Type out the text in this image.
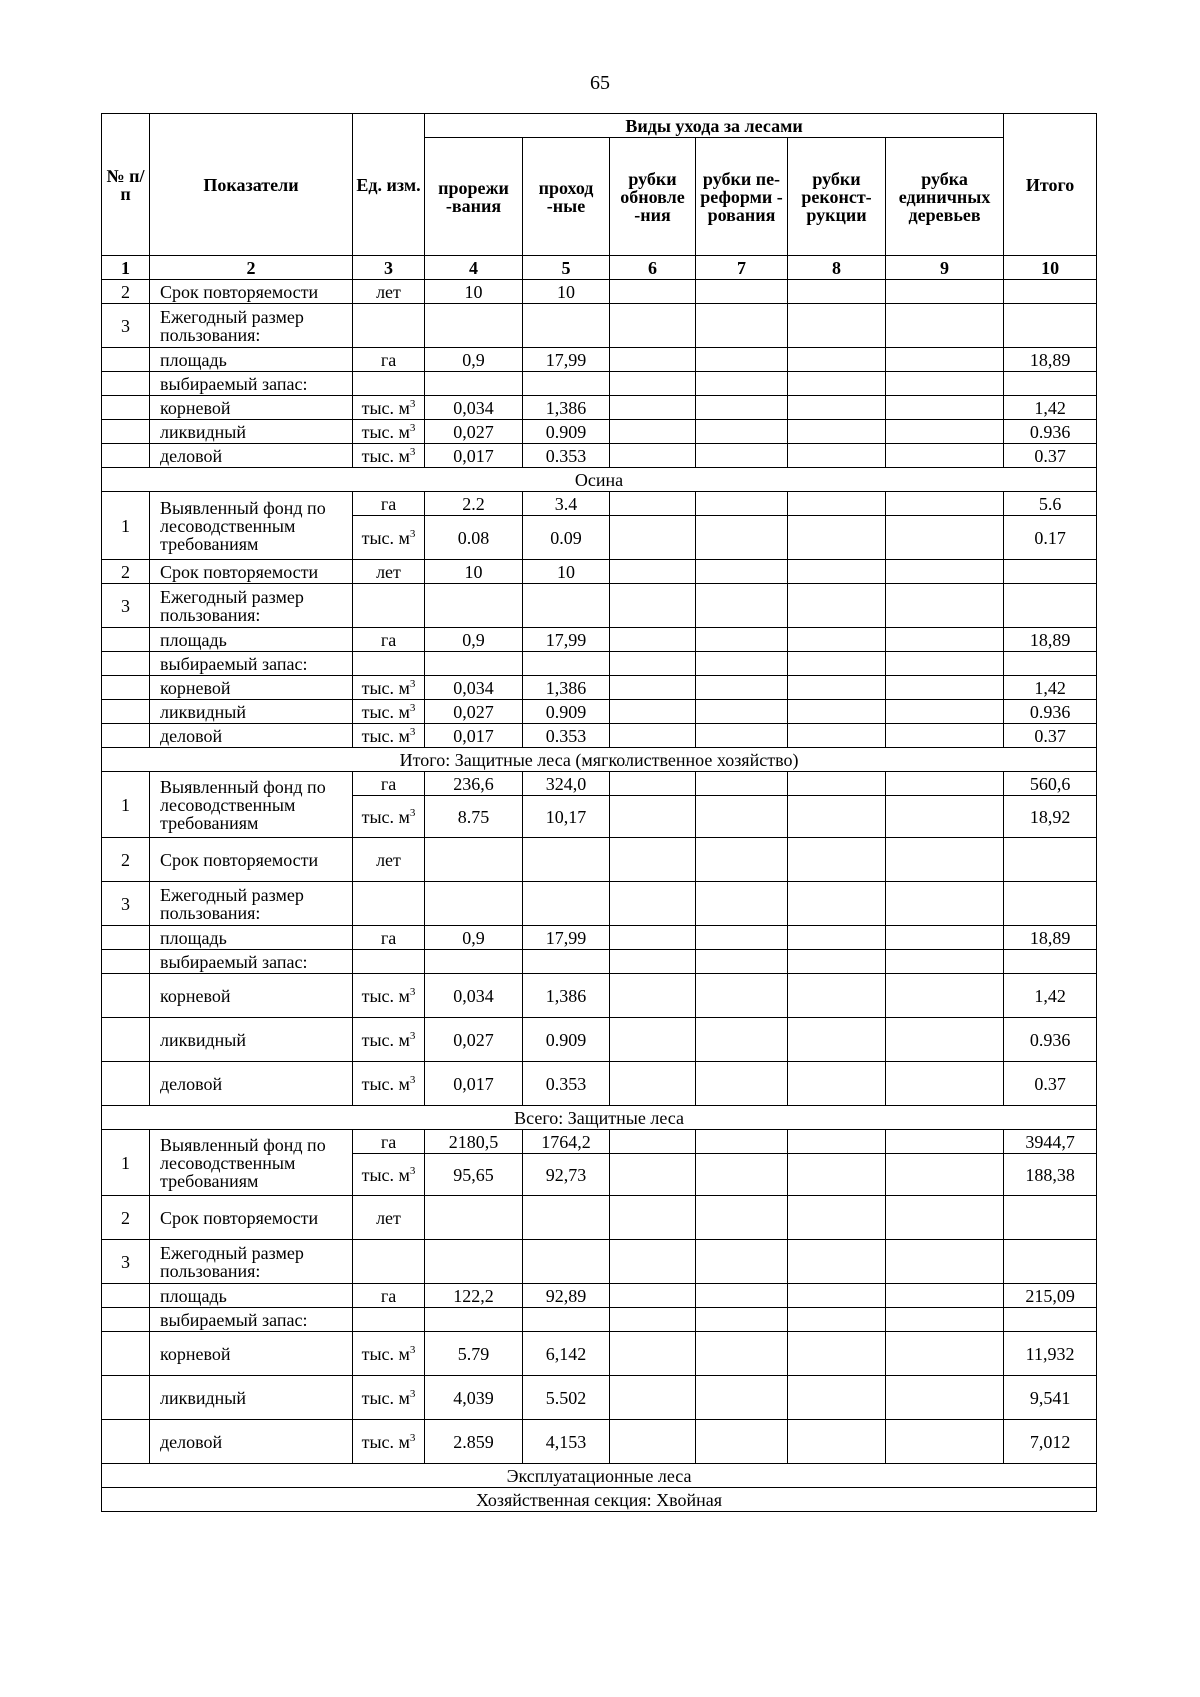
65
№ п/п	Показатели	Ед. изм.	Виды ухода за лесами						Итого
			прорежи -вания	проход -ные	рубки обновле -ния	рубки пе- реформи - рования	рубки реконст- рукции	рубка единичных деревьев	
1	2	3	4	5	6	7	8	9	10
2	Срок повторяемости	лет	10	10					
3	Ежегодный размер пользования:								
	площадь	га	0,9	17,99					18,89
	выбираемый запас:								
	корневой	тыс. $м^3$	0,034	1,386					1,42
	ликвидный	тыс. $м^3$	0,027	0.909					0.936
	деловой	тыс. $м^3$	0,017	0.353					0.37
Осина									
1	Выявленный фонд по лесоводственным требованиям	га	2.2	3.4					5.6
		тыс. $м^3$	0.08	0.09					0.17
2	Срок повторяемости	лет	10	10					
3	Ежегодный размер пользования:								
	площадь	га	0,9	17,99					18,89
	выбираемый запас:								
	корневой	тыс. $м^3$	0,034	1,386					1,42
	ликвидный	тыс. $м^3$	0,027	0.909					0.936
	деловой	тыс. $м^3$	0,017	0.353					0.37
Итого: Защитные леса (мягколиственное хозяйство)									
1	Выявленный фонд по лесоводственным требованиям	га	236,6	324,0					560,6
		тыс. $м^3$	8.75	10,17					18,92
2	Срок повторяемости	лет							
3	Ежегодный размер пользования:								
	площадь	га	0,9	17,99					18,89
	выбираемый запас:								
	корневой	тыс. $м^3$	0,034	1,386					1,42
	ликвидный	тыс. $м^3$	0,027	0.909					0.936
	деловой	тыс. $м^3$	0,017	0.353					0.37
Всего: Защитные леса									
1	Выявленный фонд по лесоводственным требованиям	га	2180,5	1764,2					3944,7
		тыс. $м^3$	95,65	92,73					188,38
2	Срок повторяемости	лет							
3	Ежегодный размер пользования:								
	площадь	га	122,2	92,89					215,09
	выбираемый запас:								
	корневой	тыс. $м^3$	5.79	6,142					11,932
	ликвидный	тыс. $м^3$	4,039	5.502					9,541
	деловой	тыс. $м^3$	2.859	4,153					7,012
Эксплуатационные леса									
Хозяйственная секция: Хвойная									
